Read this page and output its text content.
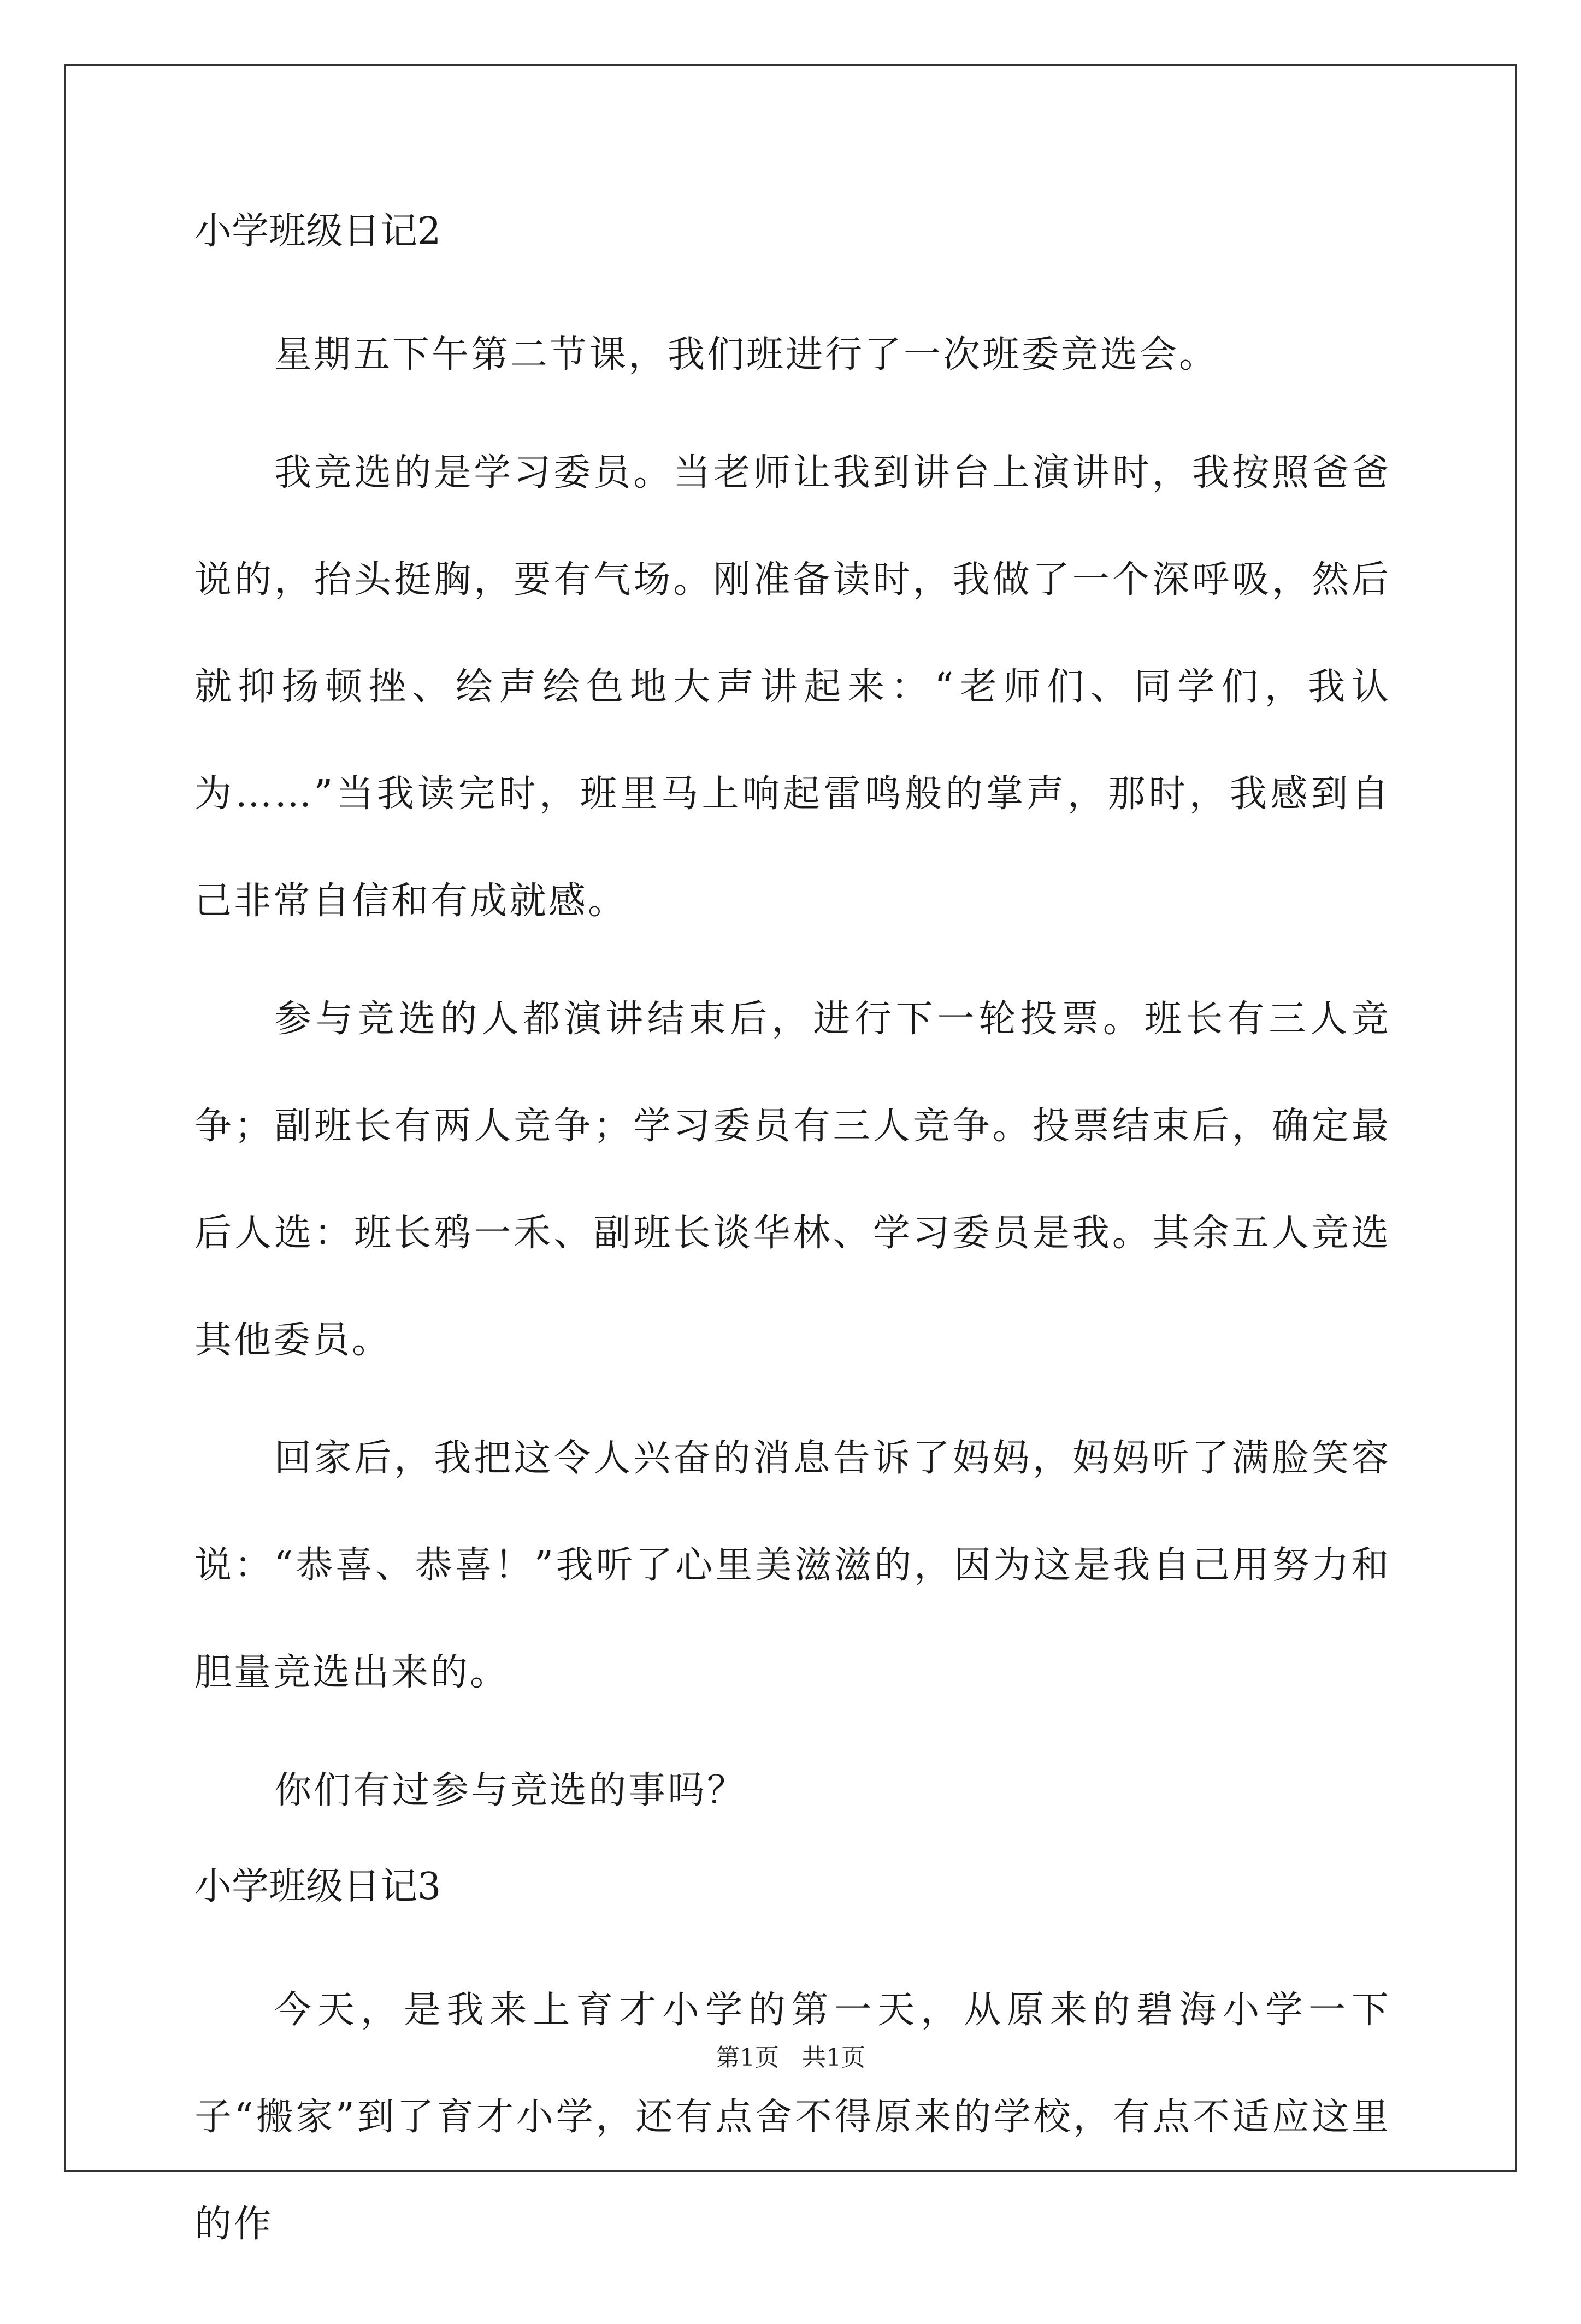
小学班级日记2

星期五下午第二节课，我们班进行了一次班委竞选会。

我竞选的是学习委员。当老师让我到讲台上演讲时，我按照爸爸说的，抬头挺胸，要有气场。刚准备读时，我做了一个深呼吸，然后就抑扬顿挫、绘声绘色地大声讲起来：“老师们、同学们，我认为……”当我读完时，班里马上响起雷鸣般的掌声，那时，我感到自己非常自信和有成就感。

参与竞选的人都演讲结束后，进行下一轮投票。班长有三人竞争；副班长有两人竞争；学习委员有三人竞争。投票结束后，确定最后人选：班长鸦一禾、副班长谈华林、学习委员是我。其余五人竞选其他委员。

回家后，我把这令人兴奋的消息告诉了妈妈，妈妈听了满脸笑容说：“恭喜、恭喜！”我听了心里美滋滋的，因为这是我自己用努力和胆量竞选出来的。

你们有过参与竞选的事吗？

小学班级日记3

今天，是我来上育才小学的第一天，从原来的碧海小学一下子“搬家”到了育才小学，还有点舍不得原来的学校，有点不适应这里的作

第1页   共1页
